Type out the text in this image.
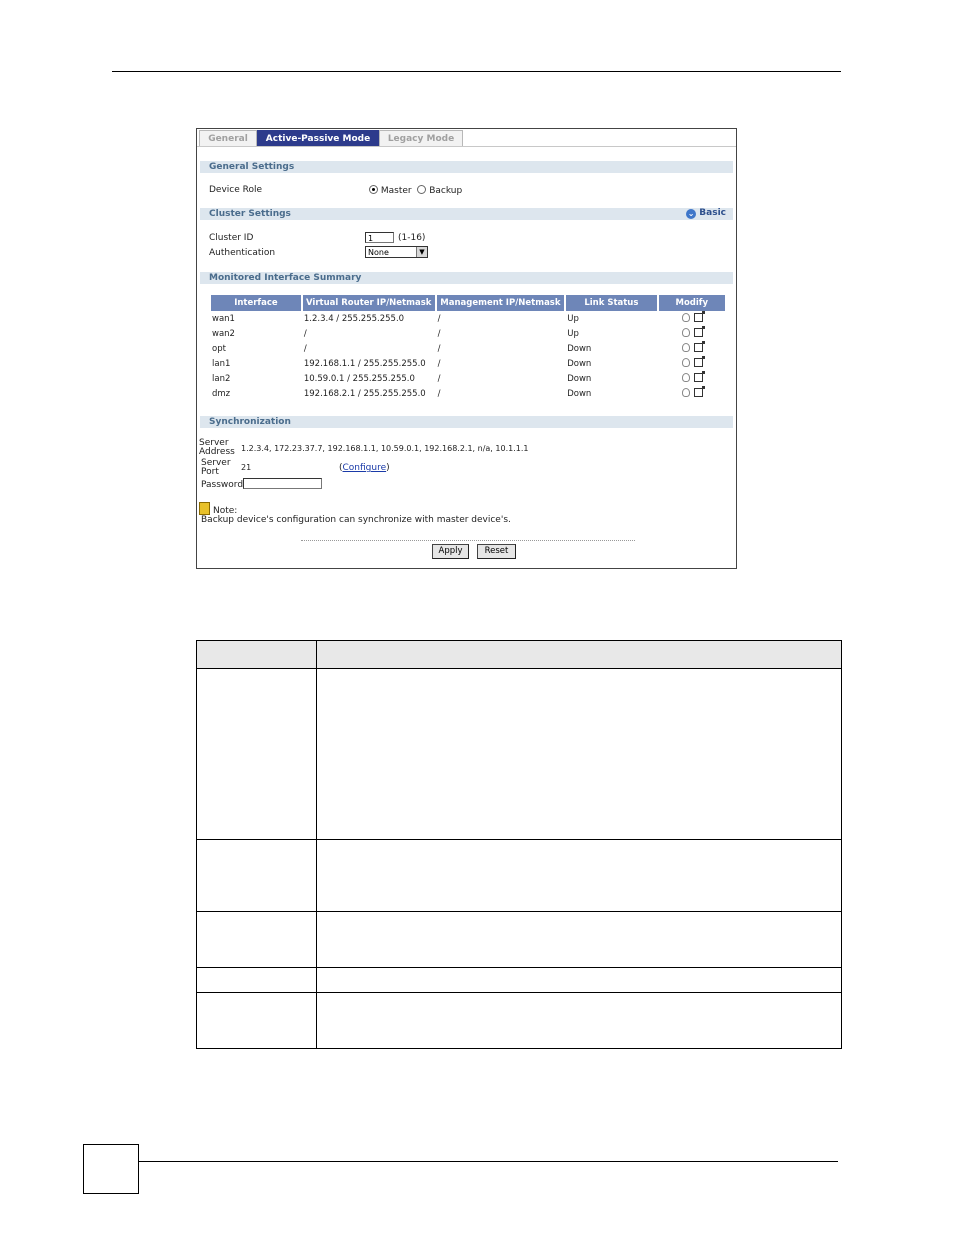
General	Active-Passive Mode	Legacy Mode
General Settings
Device Role	Master Backup
Cluster Settings	⌄ Basic
Cluster ID	1	(1-16)
Authentication	None	▼
Monitored Interface Summary
Interface	Virtual Router IP/Netmask	Management IP/Netmask	Link Status	Modify
wan1	1.2.3.4 / 255.255.255.0	/	Up	
wan2	/	/	Up	
opt	/	/	Down	
lan1	192.168.1.1 / 255.255.255.0	/	Down	
lan2	10.59.0.1 / 255.255.255.0	/	Down	
dmz	192.168.2.1 / 255.255.255.0	/	Down	
Synchronization
Server
Address 1.2.3.4, 172.23.37.7, 192.168.1.1, 10.59.0.1, 192.168.2.1, n/a, 10.1.1.1
Server
Port	21	(Configure)
Password
Note:
Backup device's configuration can synchronize with master device's.
Apply	Reset
